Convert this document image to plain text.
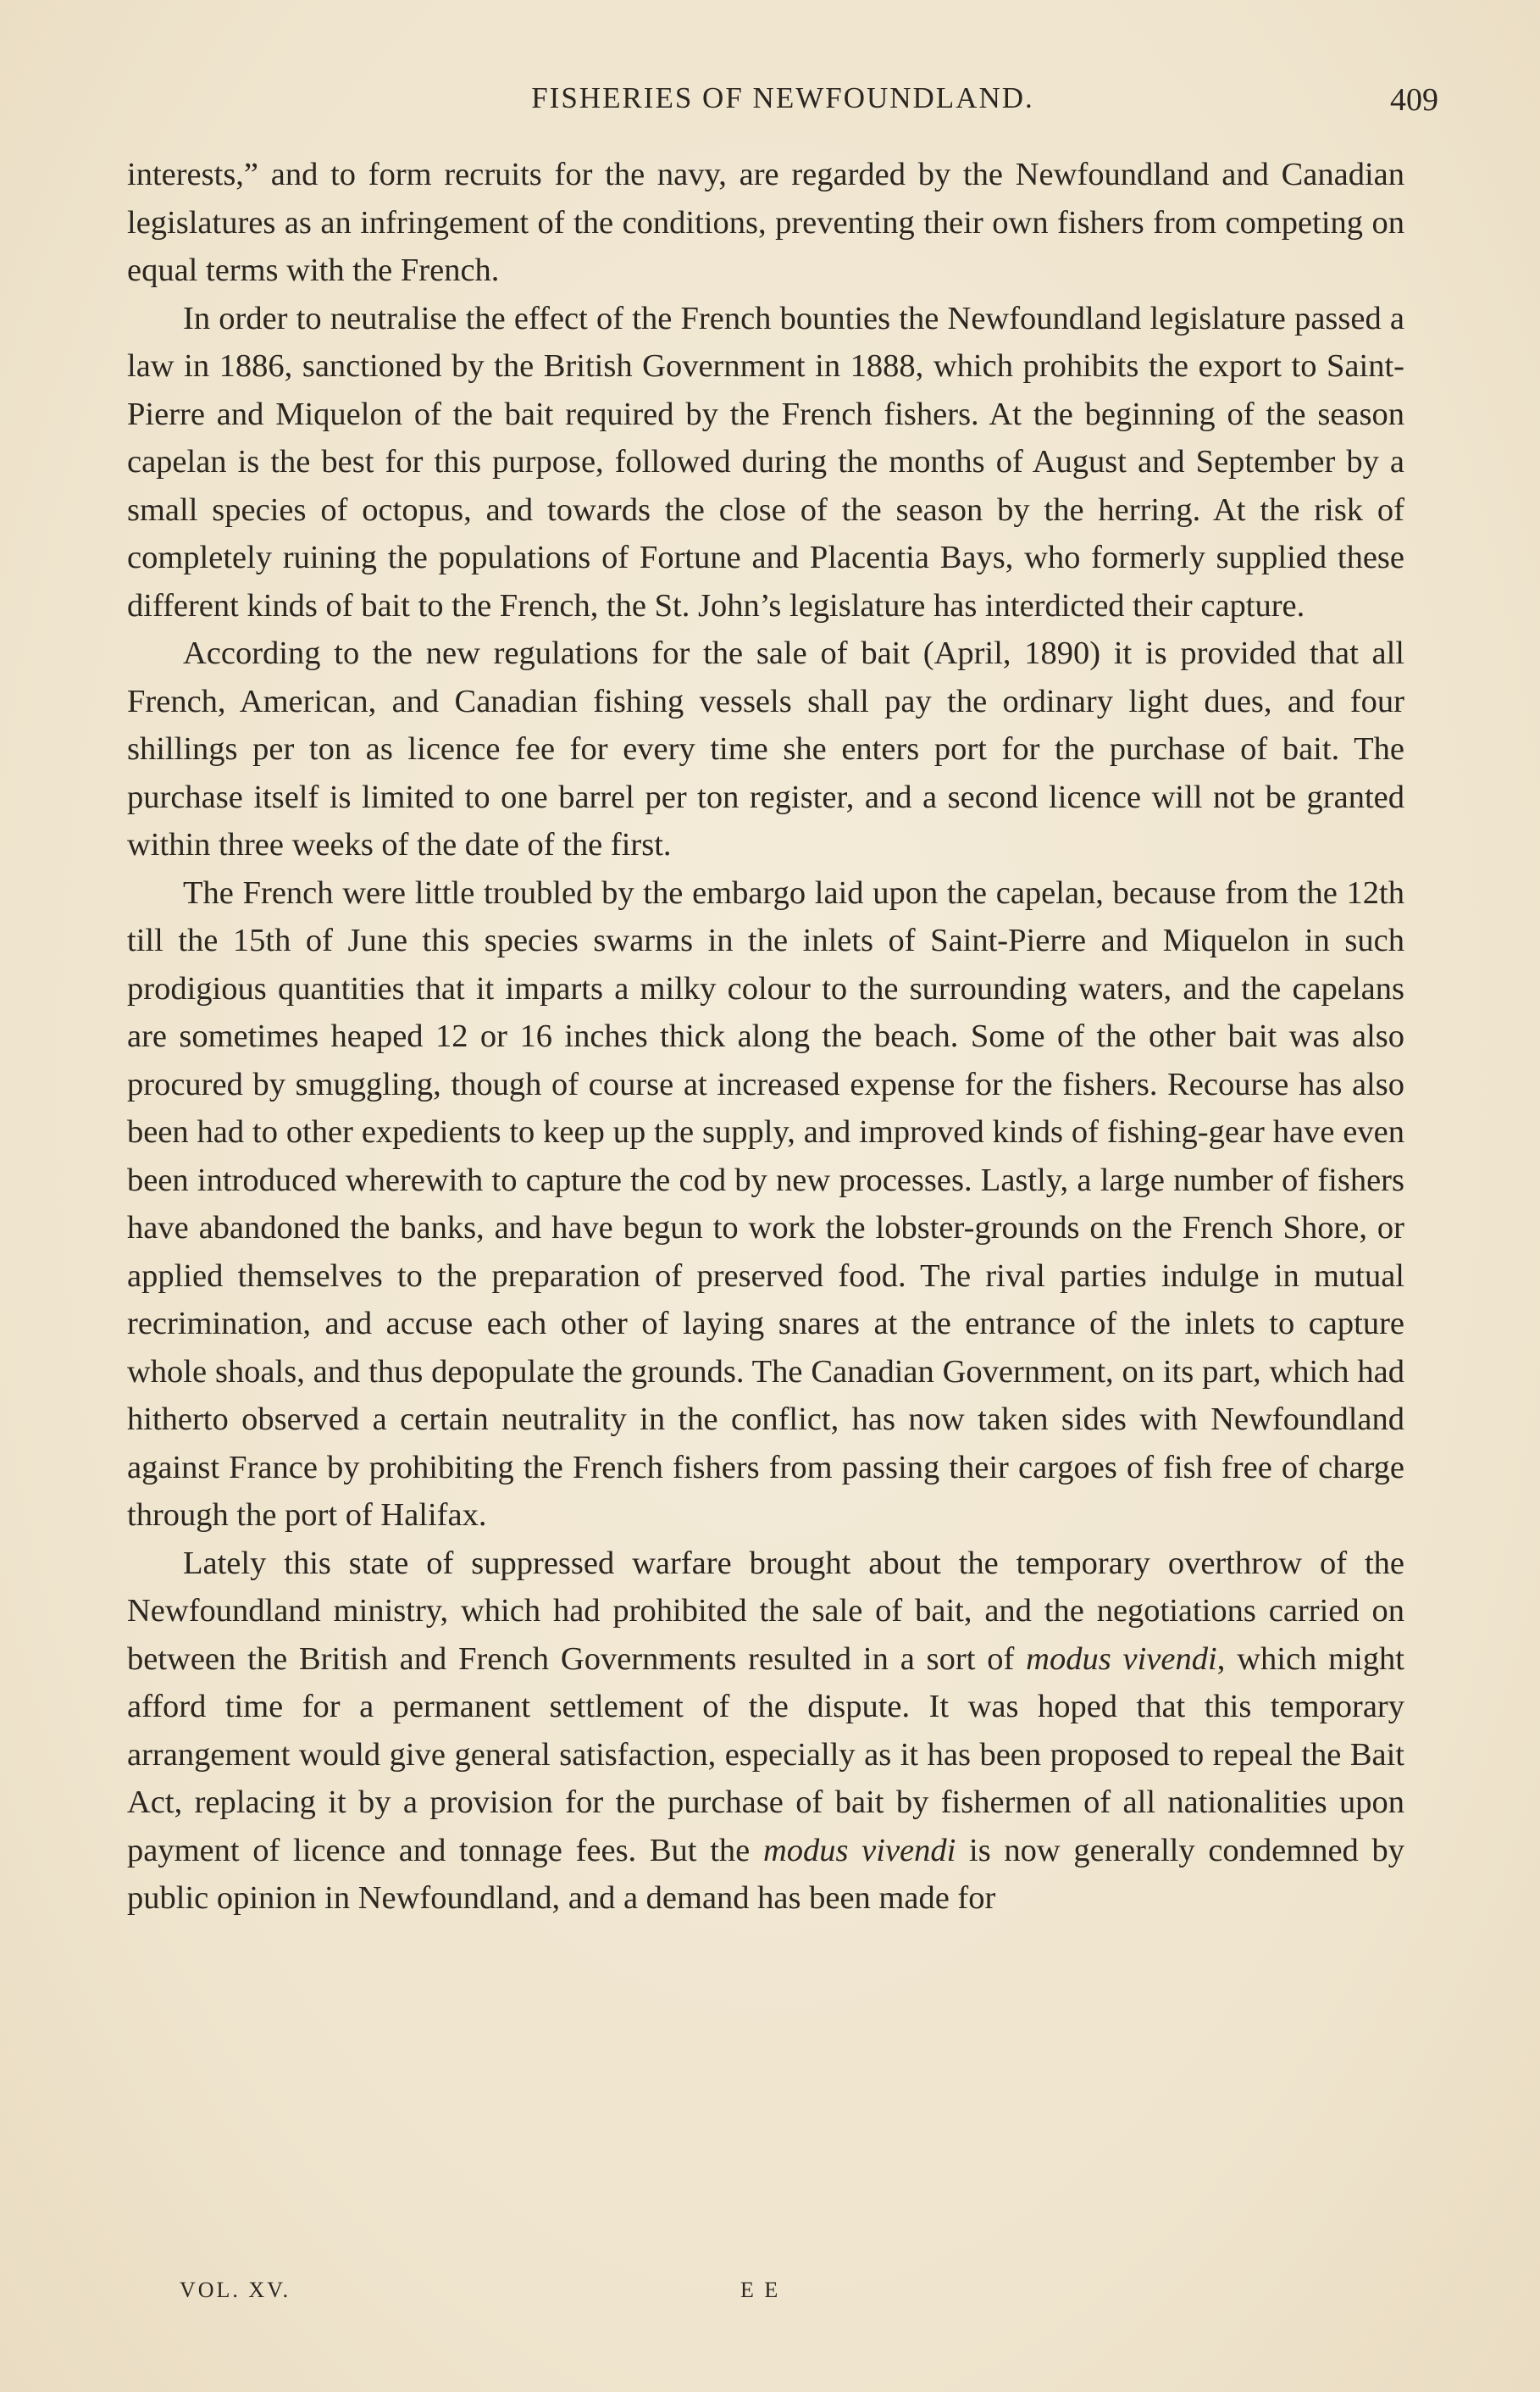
FISHERIES OF NEWFOUNDLAND.	409

interests,” and to form recruits for the navy, are regarded by the Newfoundland and Canadian legislatures as an infringement of the conditions, preventing their own fishers from competing on equal terms with the French.

In order to neutralise the effect of the French bounties the Newfoundland legislature passed a law in 1886, sanctioned by the British Government in 1888, which prohibits the export to Saint-Pierre and Miquelon of the bait required by the French fishers. At the beginning of the season capelan is the best for this purpose, followed during the months of August and September by a small species of octopus, and towards the close of the season by the herring. At the risk of completely ruining the populations of Fortune and Placentia Bays, who formerly supplied these different kinds of bait to the French, the St. John’s legislature has interdicted their capture.

According to the new regulations for the sale of bait (April, 1890) it is provided that all French, American, and Canadian fishing vessels shall pay the ordinary light dues, and four shillings per ton as licence fee for every time she enters port for the purchase of bait. The purchase itself is limited to one barrel per ton register, and a second licence will not be granted within three weeks of the date of the first.

The French were little troubled by the embargo laid upon the capelan, because from the 12th till the 15th of June this species swarms in the inlets of Saint-Pierre and Miquelon in such prodigious quantities that it imparts a milky colour to the surrounding waters, and the capelans are sometimes heaped 12 or 16 inches thick along the beach. Some of the other bait was also procured by smuggling, though of course at increased expense for the fishers. Recourse has also been had to other expedients to keep up the supply, and improved kinds of fishing-gear have even been introduced wherewith to capture the cod by new processes. Lastly, a large number of fishers have abandoned the banks, and have begun to work the lobster-grounds on the French Shore, or applied themselves to the preparation of preserved food. The rival parties indulge in mutual recrimination, and accuse each other of laying snares at the entrance of the inlets to capture whole shoals, and thus depopulate the grounds. The Canadian Government, on its part, which had hitherto observed a certain neutrality in the conflict, has now taken sides with Newfoundland against France by prohibiting the French fishers from passing their cargoes of fish free of charge through the port of Halifax.

Lately this state of suppressed warfare brought about the temporary overthrow of the Newfoundland ministry, which had prohibited the sale of bait, and the negotiations carried on between the British and French Governments resulted in a sort of modus vivendi, which might afford time for a permanent settlement of the dispute. It was hoped that this temporary arrangement would give general satisfaction, especially as it has been proposed to repeal the Bait Act, replacing it by a provision for the purchase of bait by fishermen of all nationalities upon payment of licence and tonnage fees. But the modus vivendi is now generally condemned by public opinion in Newfoundland, and a demand has been made for

VOL. XV.	E E
